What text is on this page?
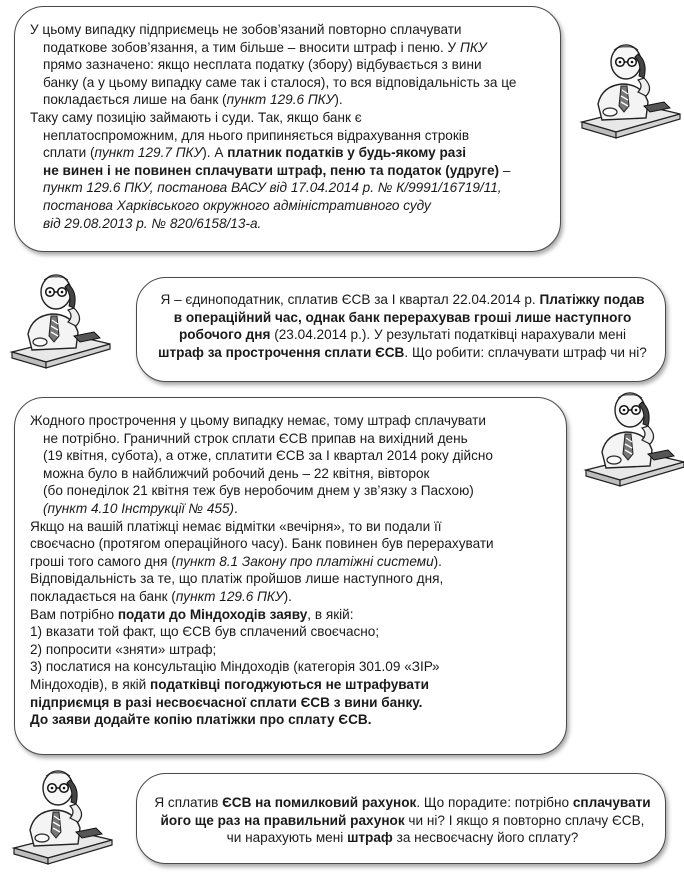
У цьому випадку підприємець не зобов’язаний повторно сплачувати

податкове зобов’язання, а тим більше – вносити штраф і пеню. У ПКУ

прямо зазначено: якщо несплата податку (збору) відбувається з вини

банку (а у цьому випадку саме так і сталося), то вся відповідальність за це

покладається лише на банк (пункт 129.6 ПКУ).

Таку саму позицію займають і суди. Так, якщо банк є

неплатоспроможним, для нього припиняється відрахування строків

сплати (пункт 129.7 ПКУ). А платник податків у будь-якому разі

не винен і не повинен сплачувати штраф, пеню та податок (удруге) –

пункт 129.6 ПКУ, постанова ВАСУ від 17.04.2014 р. № К/9991/16719/11,

постанова Харківського окружного адміністративного суду

від 29.08.2013 р. № 820/6158/13-а.

Я – єдиноподатник, сплатив ЄСВ за I квартал 22.04.2014 р. Платіжку подав

в операційний час, однак банк перерахував гроші лише наступного

робочого дня (23.04.2014 р.). У результаті податківці нарахували мені

штраф за прострочення сплати ЄСВ. Що робити: сплачувати штраф чи ні?

Жодного прострочення у цьому випадку немає, тому штраф сплачувати

не потрібно. Граничний строк сплати ЄСВ припав на вихідний день

(19 квітня, субота), а отже, сплатити ЄСВ за I квартал 2014 року дійсно

можна було в найближчий робочий день – 22 квітня, вівторок

(бо понеділок 21 квітня теж був неробочим днем у зв’язку з Пасхою)

(пункт 4.10 Інструкції № 455).

Якщо на вашій платіжці немає відмітки «вечірня», то ви подали її

своєчасно (протягом операційного часу). Банк повинен був перерахувати

гроші того самого дня (пункт 8.1 Закону про платіжні системи).

Відповідальність за те, що платіж пройшов лише наступного дня,

покладається на банк (пункт 129.6 ПКУ).

Вам потрібно подати до Міндоходів заяву, в якій:

1) вказати той факт, що ЄСВ був сплачений своєчасно;

2) попросити «зняти» штраф;

3) послатися на консультацію Міндоходів (категорія 301.09 «ЗІР»

Міндоходів), в якій податківці погоджуються не штрафувати

підприємця в разі несвоєчасної сплати ЄСВ з вини банку.

До заяви додайте копію платіжки про сплату ЄСВ.

Я сплатив ЄСВ на помилковий рахунок. Що порадите: потрібно сплачувати

його ще раз на правильний рахунок чи ні? І якщо я повторно сплачу ЄСВ,

чи нарахують мені штраф за несвоєчасну його сплату?
